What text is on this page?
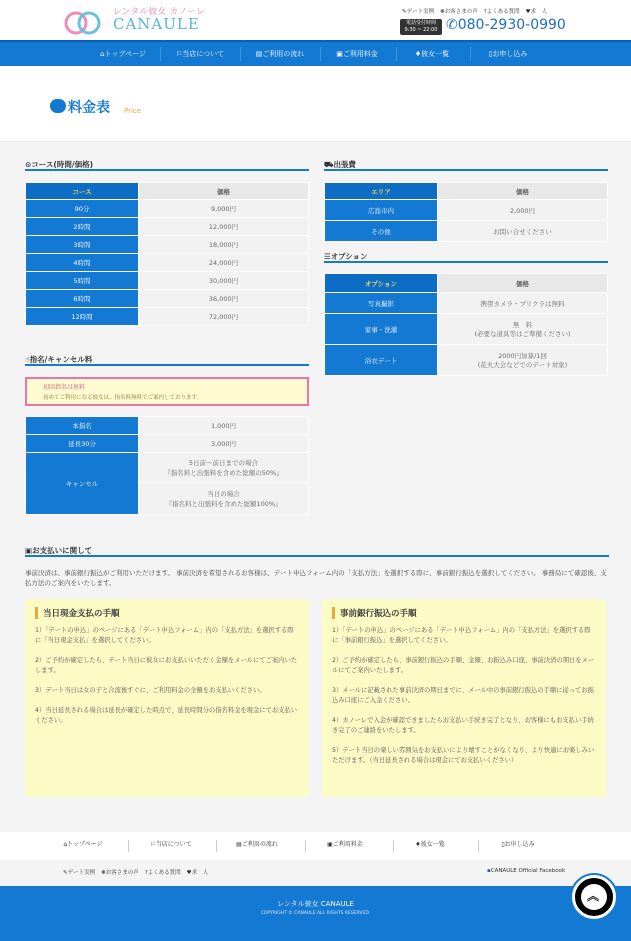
レンタル彼女 カノーレ
CANAULE
✎デート実例 ❋お客さまの声 ?よくある質問 ♥求　人
電話受付時間
9:30 ~ 22:00 ✆080-2930-0990
⌂トップページ	⚐当店について	▤ご利用の流れ	▣ご利用料金	♦彼女一覧	▯お申し込み
料金表 Price
⊙コース(時間/価格)
コース	価格
90分	9,000円
2時間	12,000円
3時間	18,000円
4時間	24,000円
5時間	30,000円
6時間	36,000円
12時間	72,000円
⛟出張費
エリア	価格
広島市内	2,000円
その他	お問い合せください
☰オプション
オプション	価格
写真撮影	携帯カメラ・プリクラは無料
家事・洗濯	無　料
(必要な道具等はご準備ください)

浴衣デート	2000円加算/1回
(花火大会などでのデート対象)
☝指名/キャンセル料
初回指名は無料
初めてご利用になる彼女は、指名料無料でご案内しております。
本指名	1,000円
延長30分	3,000円
キャンセル	5日前～前日までの場合
『指名料と出張料を含めた総額の50%』

	当日の場合
『指名料と出張料を含めた総額100%』
▣お支払いに関して
事前決済は、事前銀行振込がご利用いただけます。 事前決済を希望されるお客様は、デート申込フォーム内の「支払方法」を選択する際に、事前銀行振込を選択してください。 事務局にて確認後、支払方法のご案内をいたします。
当日現金支払の手順

1）「デートの申込」のページにある「デート申込フォーム」内の「支払方法」を選択する際に「当日現金支払」を選択してください。

2）ご予約が確定したら、デート当日に彼女にお支払いいただく金額をメールにてご案内いたします。

3）デート当日は女の子と合流後すぐに、ご利用料金の全額をお支払いください。

4）当日延長される場合は延長が確定した時点で、延長時間分の指名料金を現金にてお支払いください。

事前銀行振込の手順

1）「デートの申込」のページにある「デート申込フォーム」内の「支払方法」を選択する際に「事前銀行振込」を選択してください。

2）ご予約が確定したら、事前銀行振込の手順、金額、お振込み口座、事前決済の期日をメールにてご案内いたします。

3）メールに記載された事前決済の期日までに、メール中の事前銀行振込の手順に従ってお振込み口座にご入金ください。

4）カノーレで入金が確認できましたらお支払い手続き完了となり、お客様にもお支払い手続き完了のご連絡をいたします。

5）デート当日の楽しい雰囲気をお支払いにより壊すことがなくなり、より快適にお楽しみいただけます。（当日延長される場合は現金にてお支払いください）

⌂トップページ	⚐当店について	▤ご利用の流れ	▣ご利用料金	♦彼女一覧	▯お申し込み
✎デート実例 ❋お客さまの声 ?よくある質問 ♥求　人	▪CANAULE Official Facebook
レンタル彼女 CANAULE
COPYRIGHT © CANAULE ALL RIGHTS RESERVED.
︽
